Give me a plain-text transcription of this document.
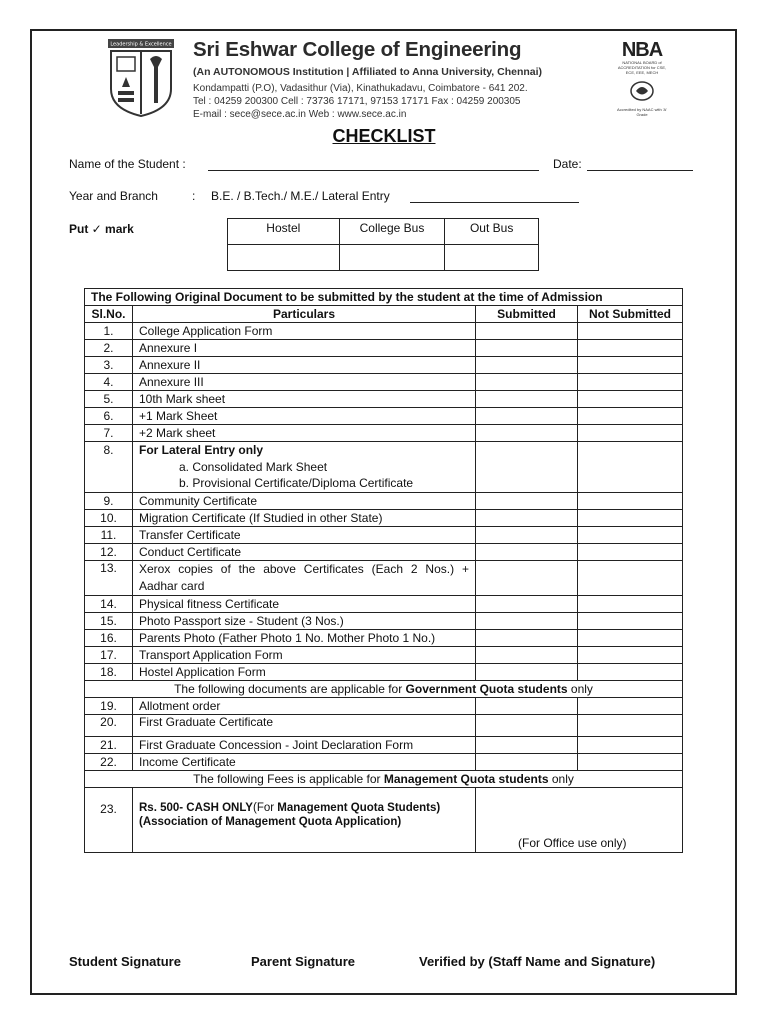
Leadership & Excellence Sri Eshwar College of Engineering
(An AUTONOMOUS Institution | Affiliated to Anna University, Chennai)
Kondampatti (P.O), Vadasithur (Via), Kinathukadavu, Coimbatore - 641 202.
Tel : 04259 200300 Cell : 73736 17171, 97153 17171 Fax : 04259 200305
E-mail : sece@sece.ac.in Web : www.sece.ac.in
NBA
NATIONAL BOARD of ACCREDITATION for CSE, ECE, EEE, MECH
Accredited by NAAC with 'A' Grade
CHECKLIST
Name of the Student :	Date:
Year and Branch	: B.E. / B.Tech./ M.E./ Lateral Entry
Put ✓ mark	Hostel	College Bus	Out Bus

The Following Original Document to be submitted by the student at the time of Admission			
Sl.No.	Particulars	Submitted	Not Submitted
1.	College Application Form		
2.	Annexure I		
3.	Annexure II		
4.	Annexure III		
5.	10th Mark sheet		
6.	+1 Mark Sheet		
7.	+2 Mark sheet		
8.	For Lateral Entry only		
	a. Consolidated Mark Sheet		
	b. Provisional Certificate/Diploma Certificate		
9.	Community Certificate		
10.	Migration Certificate (If Studied in other State)		
11.	Transfer Certificate		
12.	Conduct Certificate		
13.	Xerox copies of the above Certificates (Each 2 Nos.) + Aadhar card		
14.	Physical fitness Certificate		
15.	Photo Passport size - Student (3 Nos.)		
16.	Parents Photo (Father Photo 1 No. Mother Photo 1 No.)		
17.	Transport Application Form		
18.	Hostel Application Form		
The following documents are applicable for Government Quota students only			
19.	Allotment order		
20.	First Graduate Certificate		
21.	First Graduate Concession - Joint Declaration Form		
22.	Income Certificate		
The following Fees is applicable for Management Quota students only			
23.	Rs. 500- CASH ONLY(For Management Quota Students)
(Association of Management Quota Application)		
(For Office use only)
Student Signature	Parent Signature	Verified by (Staff Name and Signature)
